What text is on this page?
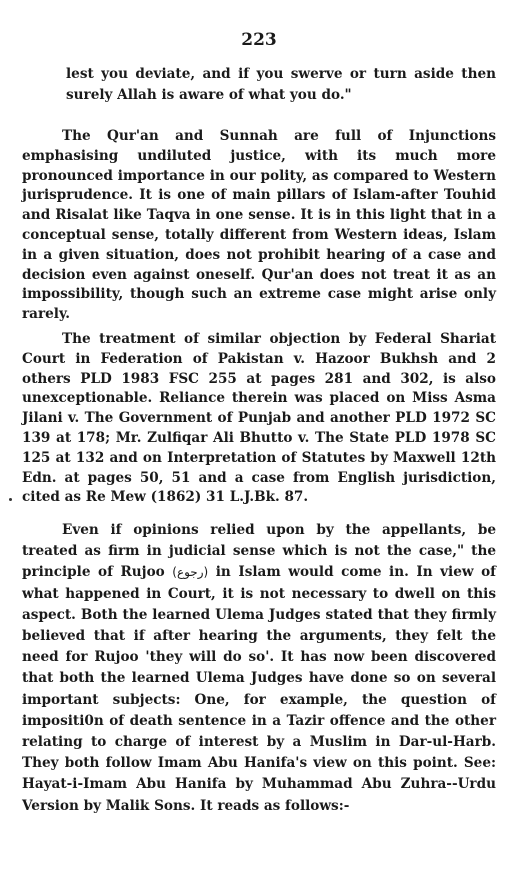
223

lest you deviate, and if you swerve or turn aside then surely Allah is aware of what you do."

The Qur'an and Sunnah are full of Injunctions emphasising undiluted justice, with its much more pronounced importance in our polity, as compared to Western jurisprudence. It is one of main pillars of Islam-after Touhid and Risalat like Taqva in one sense. It is in this light that in a conceptual sense, totally different from Western ideas, Islam in a given situation, does not prohibit hearing of a case and decision even against oneself. Qur'an does not treat it as an impossibility, though such an extreme case might arise only rarely.

The treatment of similar objection by Federal Shariat Court in Federation of Pakistan v. Hazoor Bukhsh and 2 others PLD 1983 FSC 255 at pages 281 and 302, is also unexceptionable. Reliance therein was placed on Miss Asma Jilani v. The Government of Punjab and another PLD 1972 SC 139 at 178; Mr. Zulfiqar Ali Bhutto v. The State PLD 1978 SC 125 at 132 and on Interpretation of Statutes by Maxwell 12th Edn. at pages 50, 51 and a case from English jurisdiction, cited as Re Mew (1862) 31 L.J.Bk. 87.

Even if opinions relied upon by the appellants, be treated as firm in judicial sense which is not the case," the principle of Rujoo (رجوع) in Islam would come in. In view of what happened in Court, it is not necessary to dwell on this aspect. Both the learned Ulema Judges stated that they firmly believed that if after hearing the arguments, they felt the need for Rujoo 'they will do so'. It has now been discovered that both the learned Ulema Judges have done so on several important subjects: One, for example, the question of impositi0n of death sentence in a Tazir offence and the other relating to charge of interest by a Muslim in Dar-ul-Harb. They both follow Imam Abu Hanifa's view on this point. See: Hayat-i-Imam Abu Hanifa by Muhammad Abu Zuhra--Urdu Version by Malik Sons. It reads as follows:-
